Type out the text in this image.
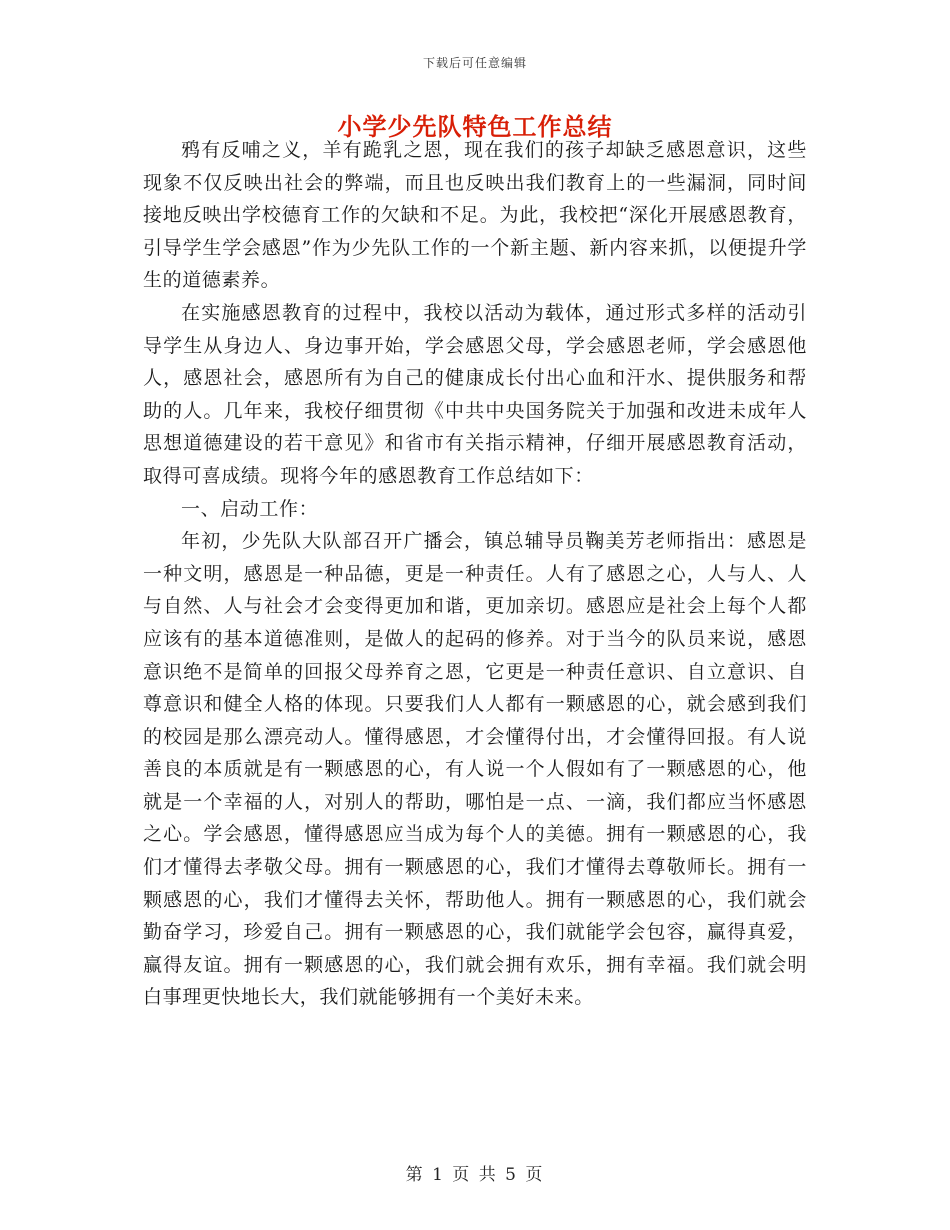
下载后可任意编辑
小学少先队特色工作总结

鸦有反哺之义，羊有跪乳之恩，现在我们的孩子却缺乏感恩意识，这些现象不仅反映出社会的弊端，而且也反映出我们教育上的一些漏洞，同时间接地反映出学校德育工作的欠缺和不足。为此，我校把“深化开展感恩教育，引导学生学会感恩”作为少先队工作的一个新主题、新内容来抓，以便提升学生的道德素养。

在实施感恩教育的过程中，我校以活动为载体，通过形式多样的活动引导学生从身边人、身边事开始，学会感恩父母，学会感恩老师，学会感恩他人，感恩社会，感恩所有为自己的健康成长付出心血和汗水、提供服务和帮助的人。几年来，我校仔细贯彻《中共中央国务院关于加强和改进未成年人思想道德建设的若干意见》和省市有关指示精神，仔细开展感恩教育活动，取得可喜成绩。现将今年的感恩教育工作总结如下：

一、启动工作：

年初，少先队大队部召开广播会，镇总辅导员鞠美芳老师指出：感恩是一种文明，感恩是一种品德，更是一种责任。人有了感恩之心，人与人、人与自然、人与社会才会变得更加和谐，更加亲切。感恩应是社会上每个人都应该有的基本道德准则，是做人的起码的修养。对于当今的队员来说，感恩意识绝不是简单的回报父母养育之恩，它更是一种责任意识、自立意识、自尊意识和健全人格的体现。只要我们人人都有一颗感恩的心，就会感到我们的校园是那么漂亮动人。懂得感恩，才会懂得付出，才会懂得回报。有人说善良的本质就是有一颗感恩的心，有人说一个人假如有了一颗感恩的心，他就是一个幸福的人，对别人的帮助，哪怕是一点、一滴，我们都应当怀感恩之心。学会感恩，懂得感恩应当成为每个人的美德。拥有一颗感恩的心，我们才懂得去孝敬父母。拥有一颗感恩的心，我们才懂得去尊敬师长。拥有一颗感恩的心，我们才懂得去关怀，帮助他人。拥有一颗感恩的心，我们就会勤奋学习，珍爱自己。拥有一颗感恩的心，我们就能学会包容，赢得真爱，赢得友谊。拥有一颗感恩的心，我们就会拥有欢乐，拥有幸福。我们就会明白事理更快地长大，我们就能够拥有一个美好未来。

第 1 页 共 5 页
